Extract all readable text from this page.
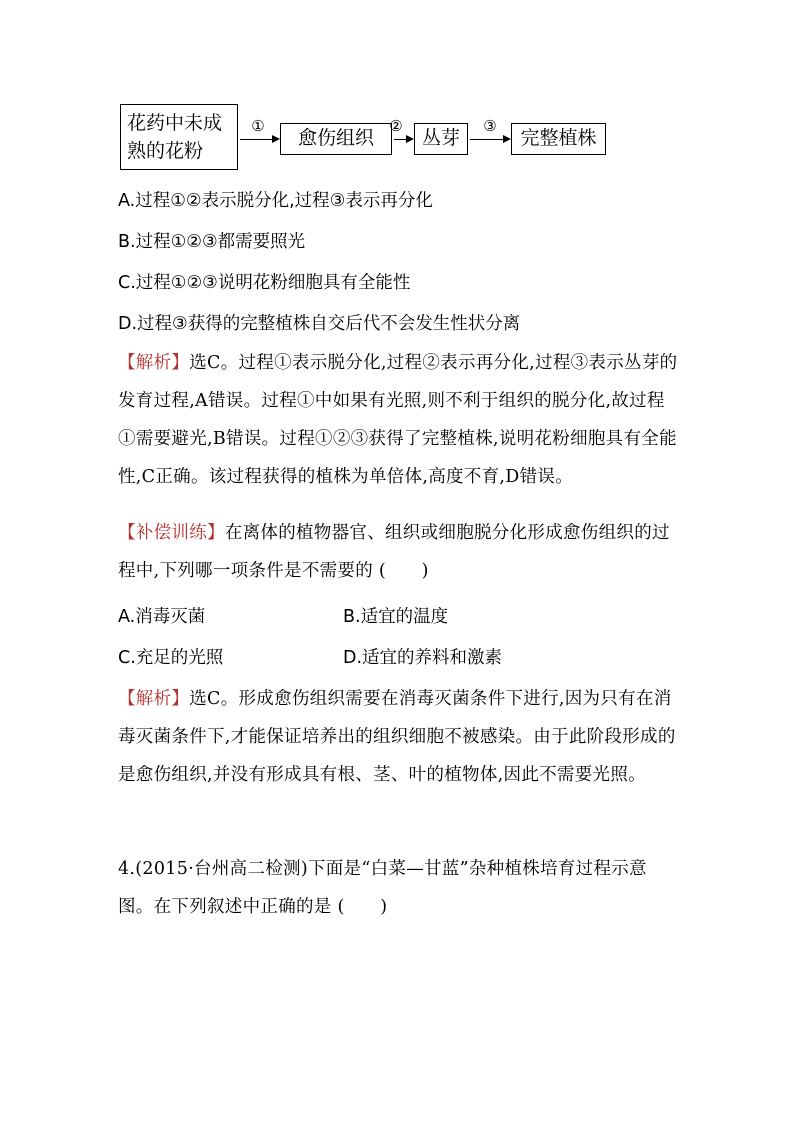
花药中未成
熟的花粉
①
愈伤组织
②
丛芽
③
完整植株
A.过程①②表示脱分化,过程③表示再分化
B.过程①②③都需要照光
C.过程①②③说明花粉细胞具有全能性
D.过程③获得的完整植株自交后代不会发生性状分离
【解析】选C。过程①表示脱分化,过程②表示再分化,过程③表示丛芽的发育过程,A错误。过程①中如果有光照,则不利于组织的脱分化,故过程①需要避光,B错误。过程①②③获得了完整植株,说明花粉细胞具有全能性,C正确。该过程获得的植株为单倍体,高度不育,D错误。
【补偿训练】在离体的植物器官、组织或细胞脱分化形成愈伤组织的过程中,下列哪一项条件是不需要的 (　　)
A.消毒灭菌	B.适宜的温度
C.充足的光照	D.适宜的养料和激素
【解析】选C。形成愈伤组织需要在消毒灭菌条件下进行,因为只有在消毒灭菌条件下,才能保证培养出的组织细胞不被感染。由于此阶段形成的是愈伤组织,并没有形成具有根、茎、叶的植物体,因此不需要光照。
4.(2015·台州高二检测)下面是“白菜—甘蓝”杂种植株培育过程示意图。在下列叙述中正确的是 (　　)
